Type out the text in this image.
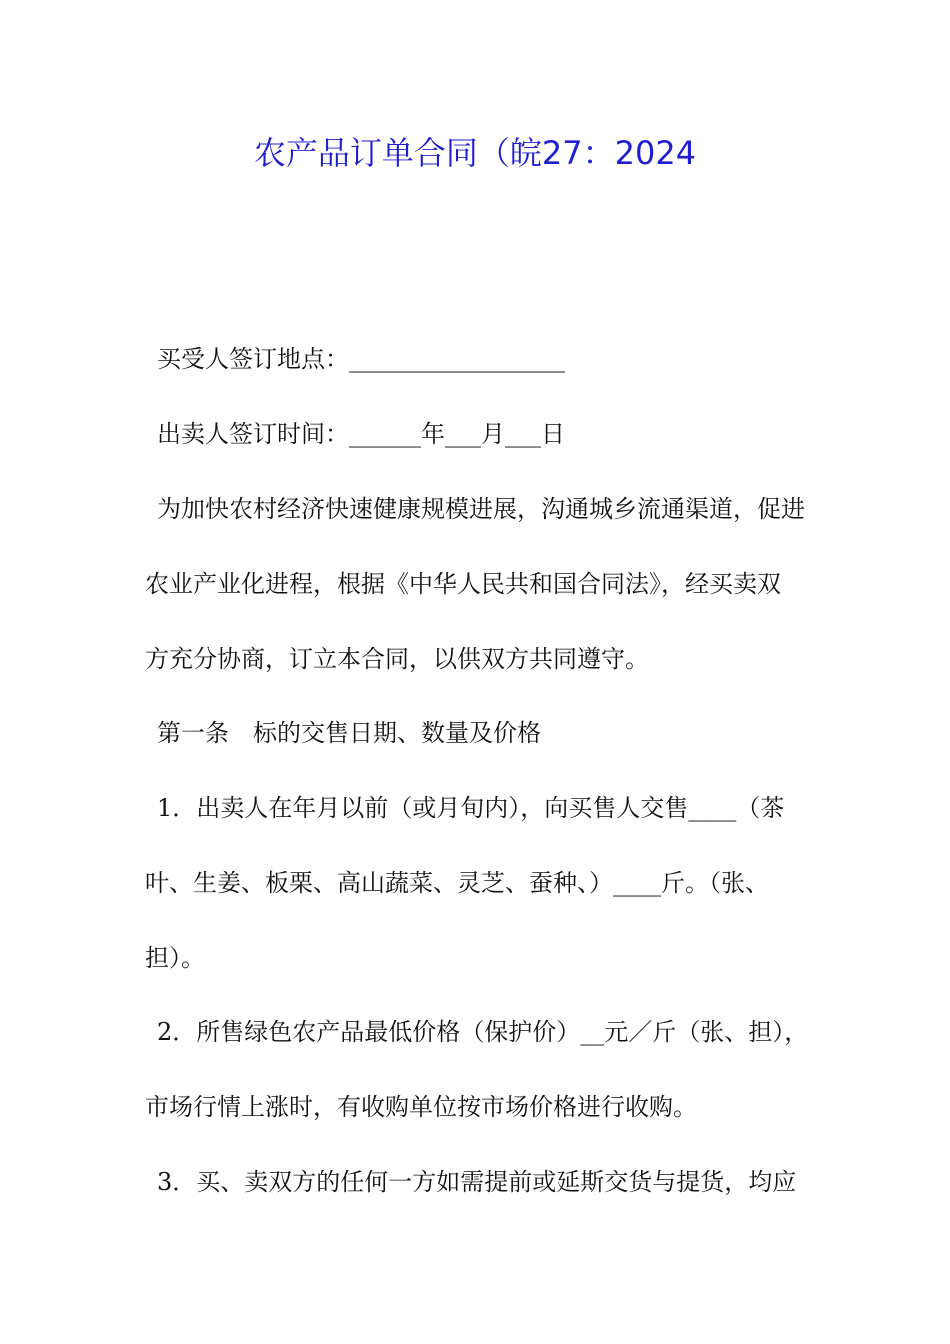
农产品订单合同（皖27：2024
买受人签订地点：__________________
出卖人签订时间：______年___月___日
为加快农村经济快速健康规模进展，沟通城乡流通渠道，促进
农业产业化进程，根据《中华人民共和国合同法》，经买卖双
方充分协商，订立本合同，以供双方共同遵守。
第一条　标的交售日期、数量及价格
1．出卖人在年月以前（或月旬内），向买售人交售____（茶
叶、生姜、板栗、高山蔬菜、灵芝、蚕种、）____斤。（张、
担）。
2．所售绿色农产品最低价格（保护价）__元／斤（张、担），
市场行情上涨时，有收购单位按市场价格进行收购。
3．买、卖双方的任何一方如需提前或延斯交货与提货，均应
